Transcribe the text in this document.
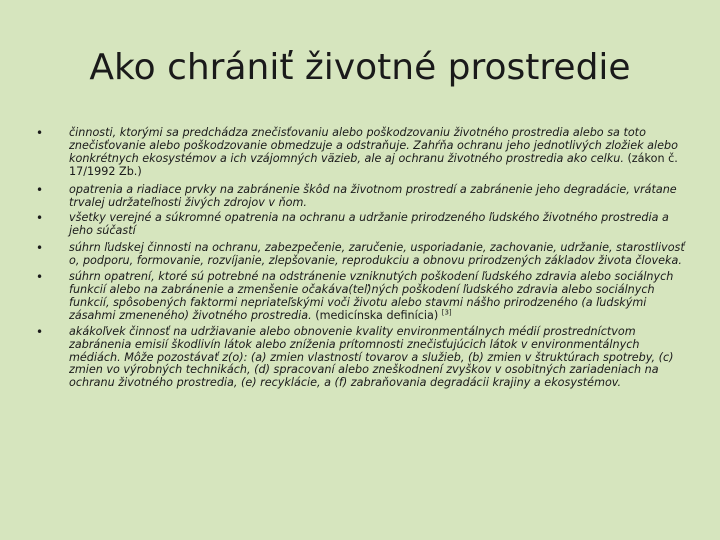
Ako chrániť životné prostredie
• činnosti, ktorými sa predchádza znečisťovaniu alebo poškodzovaniu životného prostredia alebo sa toto znečisťovanie alebo poškodzovanie obmedzuje a odstraňuje. Zahŕňa ochranu jeho jednotlivých zložiek alebo konkrétnych ekosystémov a ich vzájomných väzieb, ale aj ochranu životného prostredia ako celku. (zákon č. 17/1992 Zb.)
• opatrenia a riadiace prvky na zabránenie škôd na životnom prostredí a zabránenie jeho degradácie, vrátane trvalej udržateľnosti živých zdrojov v ňom.
• všetky verejné a súkromné opatrenia na ochranu a udržanie prirodzeného ľudského životného prostredia a jeho súčastí
• súhrn ľudskej činnosti na ochranu, zabezpečenie, zaručenie, usporiadanie, zachovanie, udržanie, starostlivosť o, podporu, formovanie, rozvíjanie, zlepšovanie, reprodukciu a obnovu prirodzených základov života človeka.
• súhrn opatrení, ktoré sú potrebné na odstránenie vzniknutých poškodení ľudského zdravia alebo sociálnych funkcií alebo na zabránenie a zmenšenie očakáva(teľ)ných poškodení ľudského zdravia alebo sociálnych funkcií, spôsobených faktormi nepriateľskými voči životu alebo stavmi nášho prirodzeného (a ľudskými zásahmi zmeneného) životného prostredia. (medicínska definícia) [3]
• akákoľvek činnosť na udržiavanie alebo obnovenie kvality environmentálnych médií prostredníctvom zabránenia emisií škodlivín látok alebo zníženia prítomnosti znečisťujúcich látok v environmentálnych médiách. Môže pozostávať z(o): (a) zmien vlastností tovarov a služieb, (b) zmien v štruktúrach spotreby, (c) zmien vo výrobných technikách, (d) spracovaní alebo zneškodnení zvyškov v osobitných zariadeniach na ochranu životného prostredia, (e) recyklácie, a (f) zabraňovania degradácii krajiny a ekosystémov.
